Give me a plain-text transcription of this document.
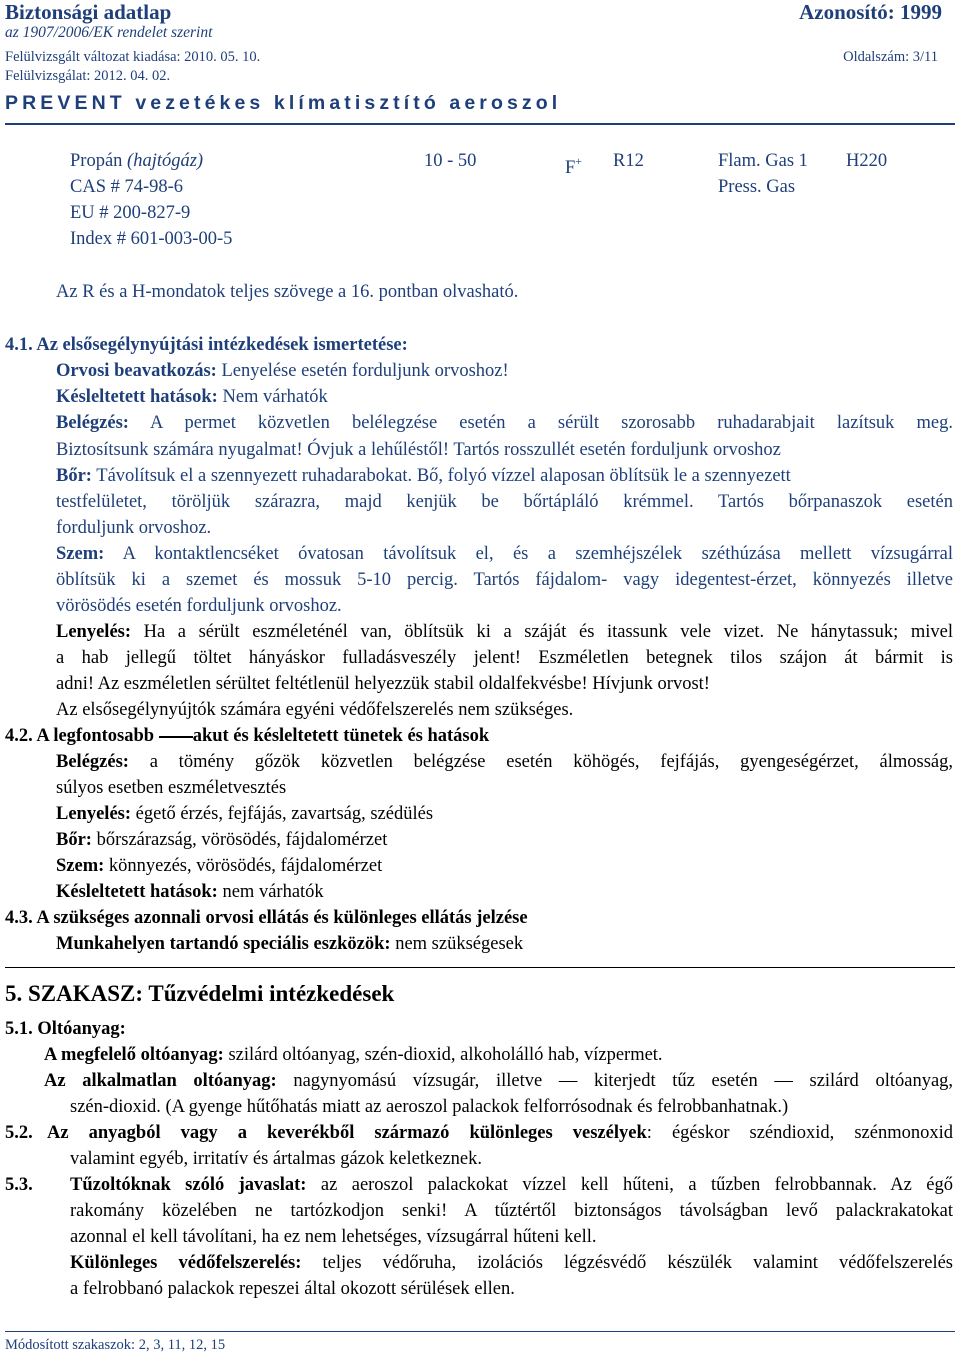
Biztonsági adatlap	Azonosító: 1999
az 1907/2006/EK rendelet szerint
Felülvizsgált változat kiadása: 2010. 05. 10.	Oldalszám: 3/11
Felülvizsgálat: 2012. 04. 02.
PREVENT vezetékes klímatisztító aeroszol
Propán (hajtógáz)
CAS # 74-98-6
EU # 200-827-9
Index # 601-003-00-5
10 - 50	F+ R12	Flam. Gas 1 H220
Press. Gas
Az R és a H-mondatok teljes szövege a 16. pontban olvasható.
4.1. Az elsősegélynyújtási intézkedések ismertetése:
Orvosi beavatkozás: Lenyelése esetén forduljunk orvoshoz!
Késleltetett hatások: Nem várhatók
Belégzés: A permet közvetlen belélegzése esetén a sérült szorosabb ruhadarabjait lazítsuk meg.
Biztosítsunk számára nyugalmat! Óvjuk a lehűléstől! Tartós rosszullét esetén forduljunk orvoshoz
Bőr: Távolítsuk el a szennyezett ruhadarabokat. Bő, folyó vízzel alaposan öblítsük le a szennyezett
testfelületet, töröljük szárazra, majd kenjük be bőrtápláló krémmel. Tartós bőrpanaszok esetén
forduljunk orvoshoz.
Szem: A kontaktlencséket óvatosan távolítsuk el, és a szemhéjszélek széthúzása mellett vízsugárral
öblítsük ki a szemet és mossuk 5-10 percig. Tartós fájdalom- vagy idegentest-érzet, könnyezés illetve
vörösödés esetén forduljunk orvoshoz.
Lenyelés: Ha a sérült eszméleténél van, öblítsük ki a száját és itassunk vele vizet. Ne hánytassuk; mivel
a hab jellegű töltet hányáskor fulladásveszély jelent! Eszméletlen betegnek tilos szájon át bármit is
adni! Az eszméletlen sérültet feltétlenül helyezzük stabil oldalfekvésbe! Hívjunk orvost!
Az elsősegélynyújtók számára egyéni védőfelszerelés nem szükséges.
4.2. A legfontosabb akut és késleltetett tünetek és hatások
Belégzés: a tömény gőzök közvetlen belégzése esetén köhögés, fejfájás, gyengeségérzet, álmosság,
súlyos esetben eszméletvesztés
Lenyelés: égető érzés, fejfájás, zavartság, szédülés
Bőr: bőrszárazság, vörösödés, fájdalomérzet
Szem: könnyezés, vörösödés, fájdalomérzet
Késleltetett hatások: nem várhatók
4.3. A szükséges azonnali orvosi ellátás és különleges ellátás jelzése
Munkahelyen tartandó speciális eszközök: nem szükségesek
5. SZAKASZ: Tűzvédelmi intézkedések
5.1. Oltóanyag:
A megfelelő oltóanyag: szilárd oltóanyag, szén-dioxid, alkoholálló hab, vízpermet.
Az alkalmatlan oltóanyag: nagynyomású vízsugár, illetve — kiterjedt tűz esetén — szilárd oltóanyag,
szén-dioxid. (A gyenge hűtőhatás miatt az aeroszol palackok felforrósodnak és felrobbanhatnak.)
5.2. Az anyagból vagy a keverékből származó különleges veszélyek: égéskor széndioxid, szénmonoxid
valamint egyéb, irritatív és ártalmas gázok keletkeznek.
5.3. Tűzoltóknak szóló javaslat: az aeroszol palackokat vízzel kell hűteni, a tűzben felrobbannak. Az égő
rakomány közelében ne tartózkodjon senki! A tűztértől biztonságos távolságban levő palackrakatokat
azonnal el kell távolítani, ha ez nem lehetséges, vízsugárral hűteni kell.
Különleges védőfelszerelés: teljes védőruha, izolációs légzésvédő készülék valamint védőfelszerelés
a felrobbanó palackok repeszei által okozott sérülések ellen.
Módosított szakaszok: 2, 3, 11, 12, 15
